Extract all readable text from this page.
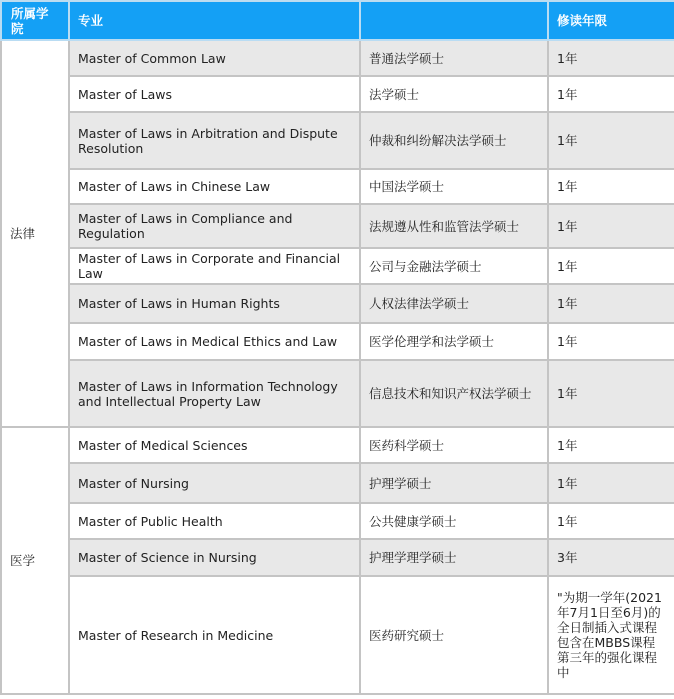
所属学院	专业		修读年限
法律	Master of Common Law	普通法学硕士	1年
	Master of Laws	法学硕士	1年
	Master of Laws in Arbitration and Dispute Resolution	仲裁和纠纷解决法学硕士	1年
	Master of Laws in Chinese Law	中国法学硕士	1年
	Master of Laws in Compliance and Regulation	法规遵从性和监管法学硕士	1年
	Master of Laws in Corporate and Financial Law	公司与金融法学硕士	1年
	Master of Laws in Human Rights	人权法律法学硕士	1年
	Master of Laws in Medical Ethics and Law	医学伦理学和法学硕士	1年
	Master of Laws in Information Technology and Intellectual Property Law	信息技术和知识产权法学硕士	1年
医学	Master of Medical Sciences	医药科学硕士	1年
	Master of Nursing	护理学硕士	1年
	Master of Public Health	公共健康学硕士	1年
	Master of Science in Nursing	护理学理学硕士	3年
	Master of Research in Medicine	医药研究硕士	"为期一学年(2021年7月1日至6月)的全日制插入式课程包含在MBBS课程第三年的强化课程中
